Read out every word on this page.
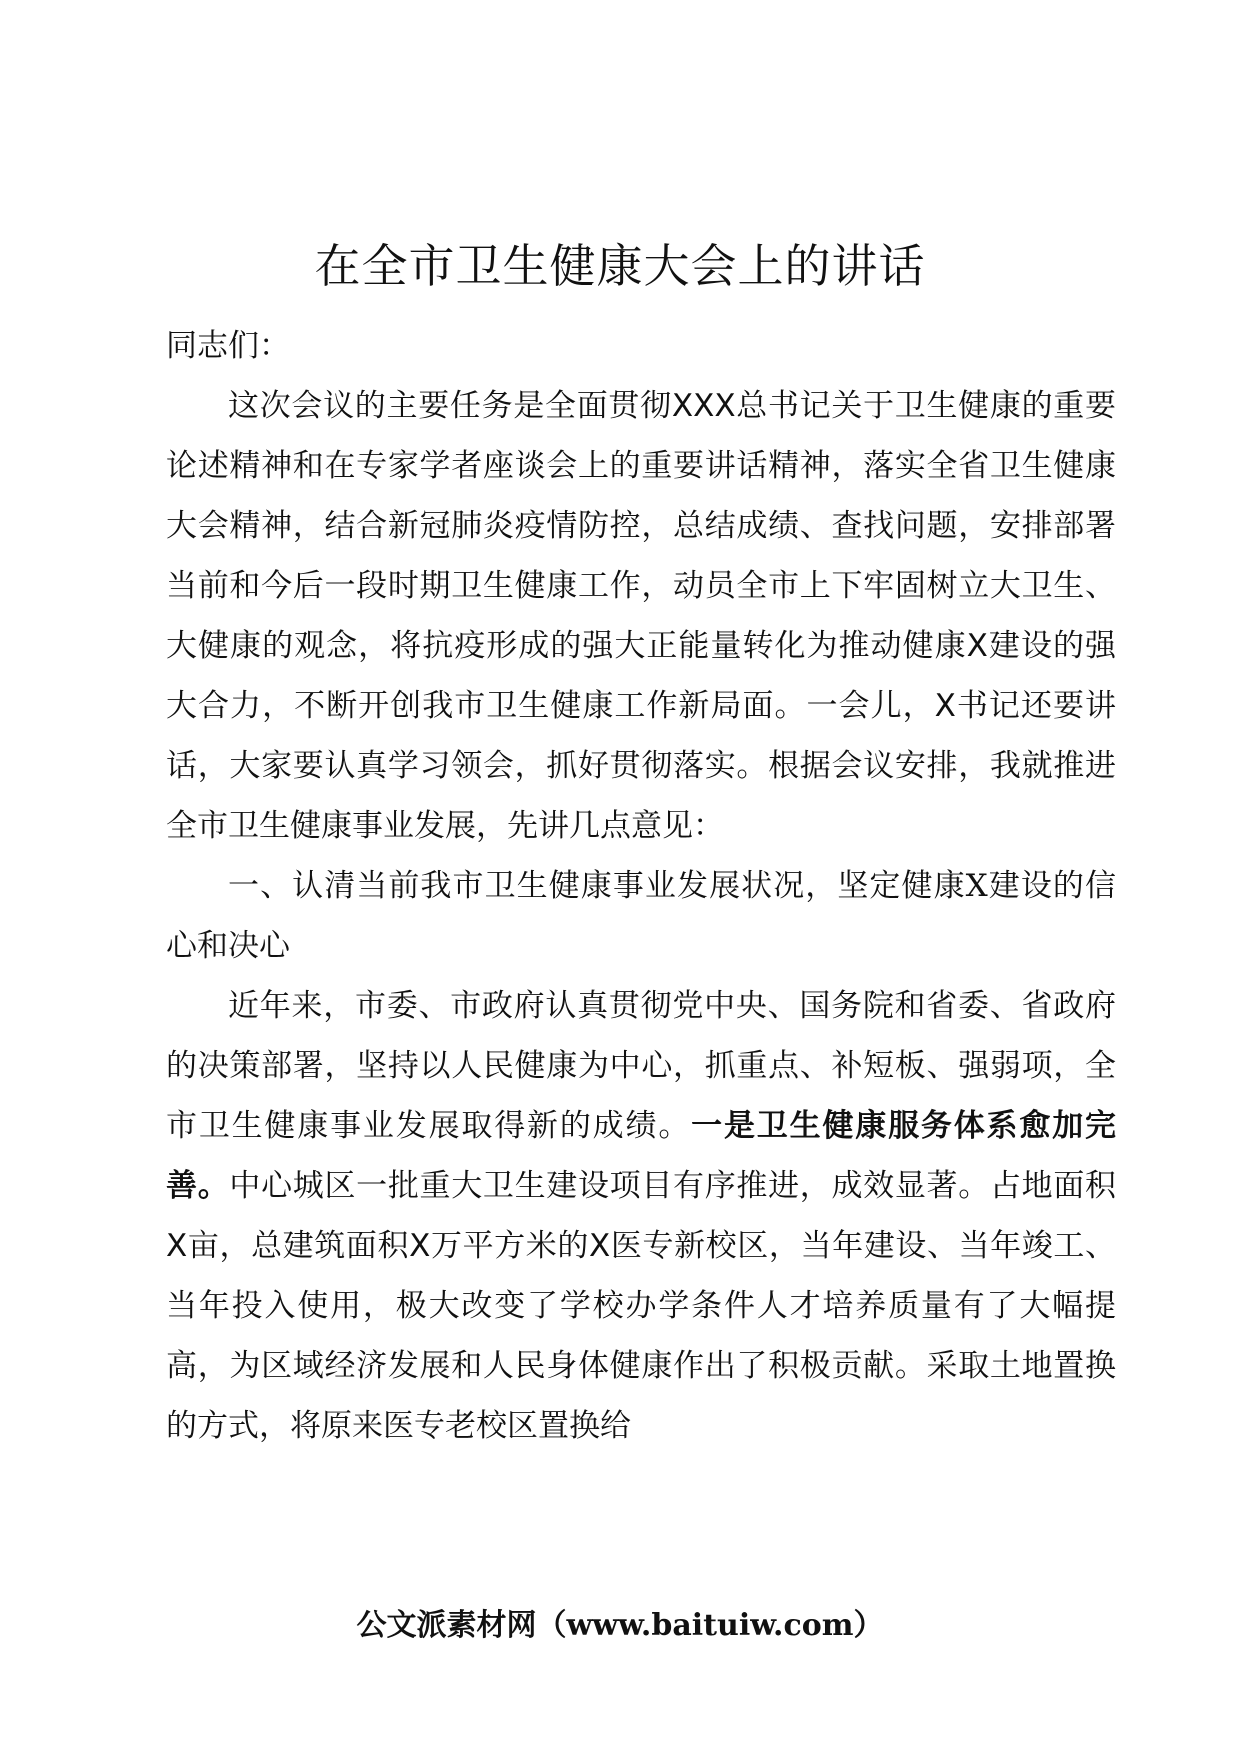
在全市卫生健康大会上的讲话

同志们：

这次会议的主要任务是全面贯彻XXX总书记关于卫生健康的重要论述精神和在专家学者座谈会上的重要讲话精神，落实全省卫生健康大会精神，结合新冠肺炎疫情防控，总结成绩、查找问题，安排部署当前和今后一段时期卫生健康工作，动员全市上下牢固树立大卫生、大健康的观念，将抗疫形成的强大正能量转化为推动健康X建设的强大合力，不断开创我市卫生健康工作新局面。一会儿，X书记还要讲话，大家要认真学习领会，抓好贯彻落实。根据会议安排，我就推进全市卫生健康事业发展，先讲几点意见：

一、认清当前我市卫生健康事业发展状况，坚定健康X建设的信心和决心

近年来，市委、市政府认真贯彻党中央、国务院和省委、省政府的决策部署，坚持以人民健康为中心，抓重点、补短板、强弱项，全市卫生健康事业发展取得新的成绩。一是卫生健康服务体系愈加完善。中心城区一批重大卫生建设项目有序推进，成效显著。占地面积X亩，总建筑面积X万平方米的X医专新校区，当年建设、当年竣工、当年投入使用，极大改变了学校办学条件人才培养质量有了大幅提高，为区域经济发展和人民身体健康作出了积极贡献。采取土地置换的方式，将原来医专老校区置换给

公文派素材网（www.baituiw.com）
